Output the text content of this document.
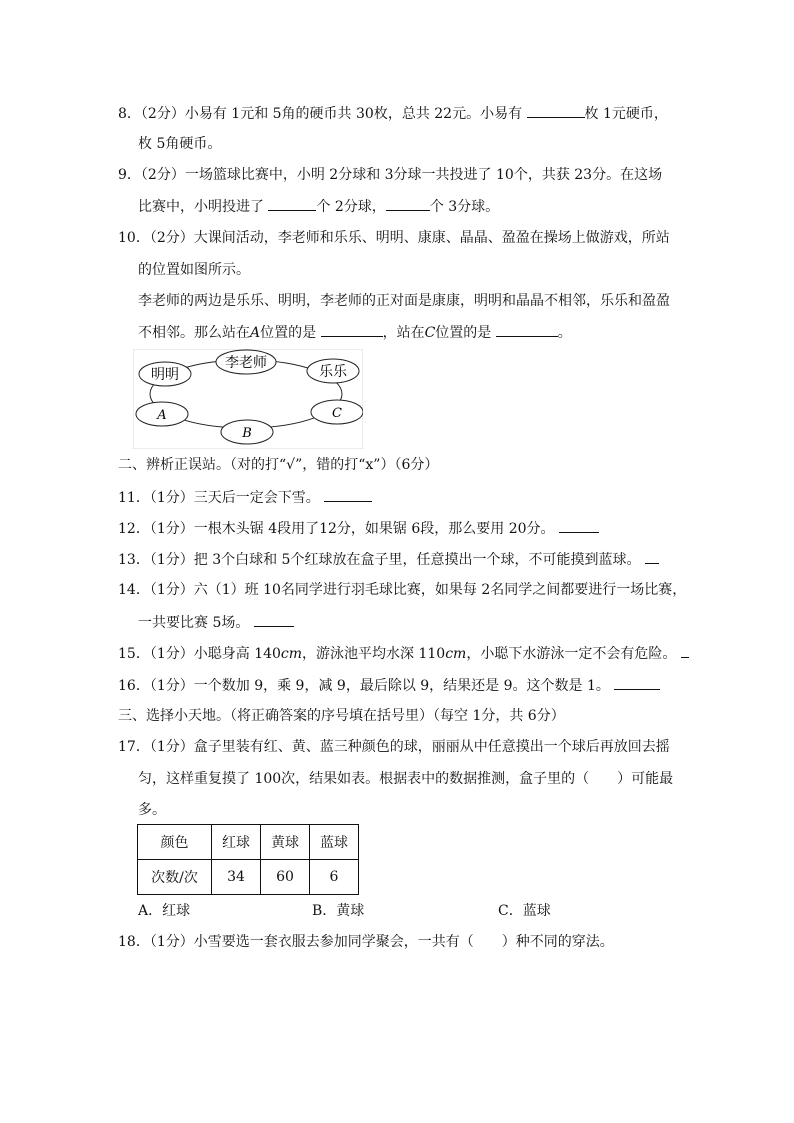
8．（2分）小易有 1元和 5角的硬币共 30枚，总共 22元。小易有	枚 1元硬币，
枚 5角硬币。
9．（2分）一场篮球比赛中，小明 2分球和 3分球一共投进了 10个，共获 23分。在这场
比赛中，小明投进了	个 2分球，	个 3分球。
10．（2分）大课间活动，李老师和乐乐、明明、康康、晶晶、盈盈在操场上做游戏，所站
的位置如图所示。
李老师的两边是乐乐、明明，李老师的正对面是康康，明明和晶晶不相邻，乐乐和盈盈
不相邻。那么站在A位置的是	，站在C位置的是	。
李老师
明明	乐乐
A	C
B
二、辨析正误站。（对的打“√”，错的打“x”）（6分）
11．（1分）三天后一定会下雪。
12．（1分）一根木头锯 4段用了12分，如果锯 6段，那么要用 20分。
13．（1分）把 3个白球和 5个红球放在盒子里，任意摸出一个球，不可能摸到蓝球。
14．（1分）六（1）班 10名同学进行羽毛球比赛，如果每 2名同学之间都要进行一场比赛，
一共要比赛 5场。
15．（1分）小聪身高 140cm，游泳池平均水深 110cm，小聪下水游泳一定不会有危险。
16．（1分）一个数加 9，乘 9，减 9，最后除以 9，结果还是 9。这个数是 1。
三、选择小天地。（将正确答案的序号填在括号里）（每空 1分，共 6分）
17．（1分）盒子里装有红、黄、蓝三种颜色的球，丽丽从中任意摸出一个球后再放回去摇
匀，这样重复摸了 100次，结果如表。根据表中的数据推测，盒子里的（　　）可能最
多。
颜色	红球	黄球	蓝球
次数/次	34	60	6
A．红球	B．黄球	C．蓝球
18．（1分）小雪要选一套衣服去参加同学聚会，一共有（　　）种不同的穿法。
